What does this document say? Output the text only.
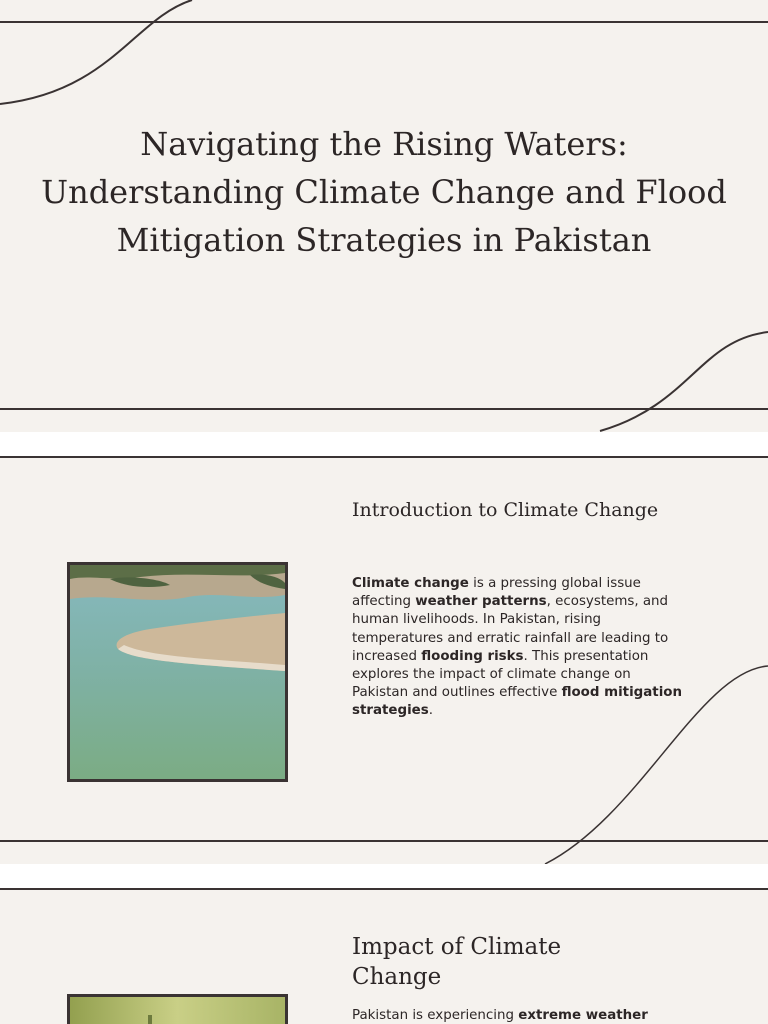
Navigating the Rising Waters: Understanding Climate Change and Flood Mitigation Strategies in Pakistan
Introduction to Climate Change

Climate change is a pressing global issue affecting weather patterns, ecosystems, and human livelihoods. In Pakistan, rising temperatures and erratic rainfall are leading to increased flooding risks. This presentation explores the impact of climate change on Pakistan and outlines effective flood mitigation strategies.

Impact of Climate Change

Pakistan is experiencing extreme weather
